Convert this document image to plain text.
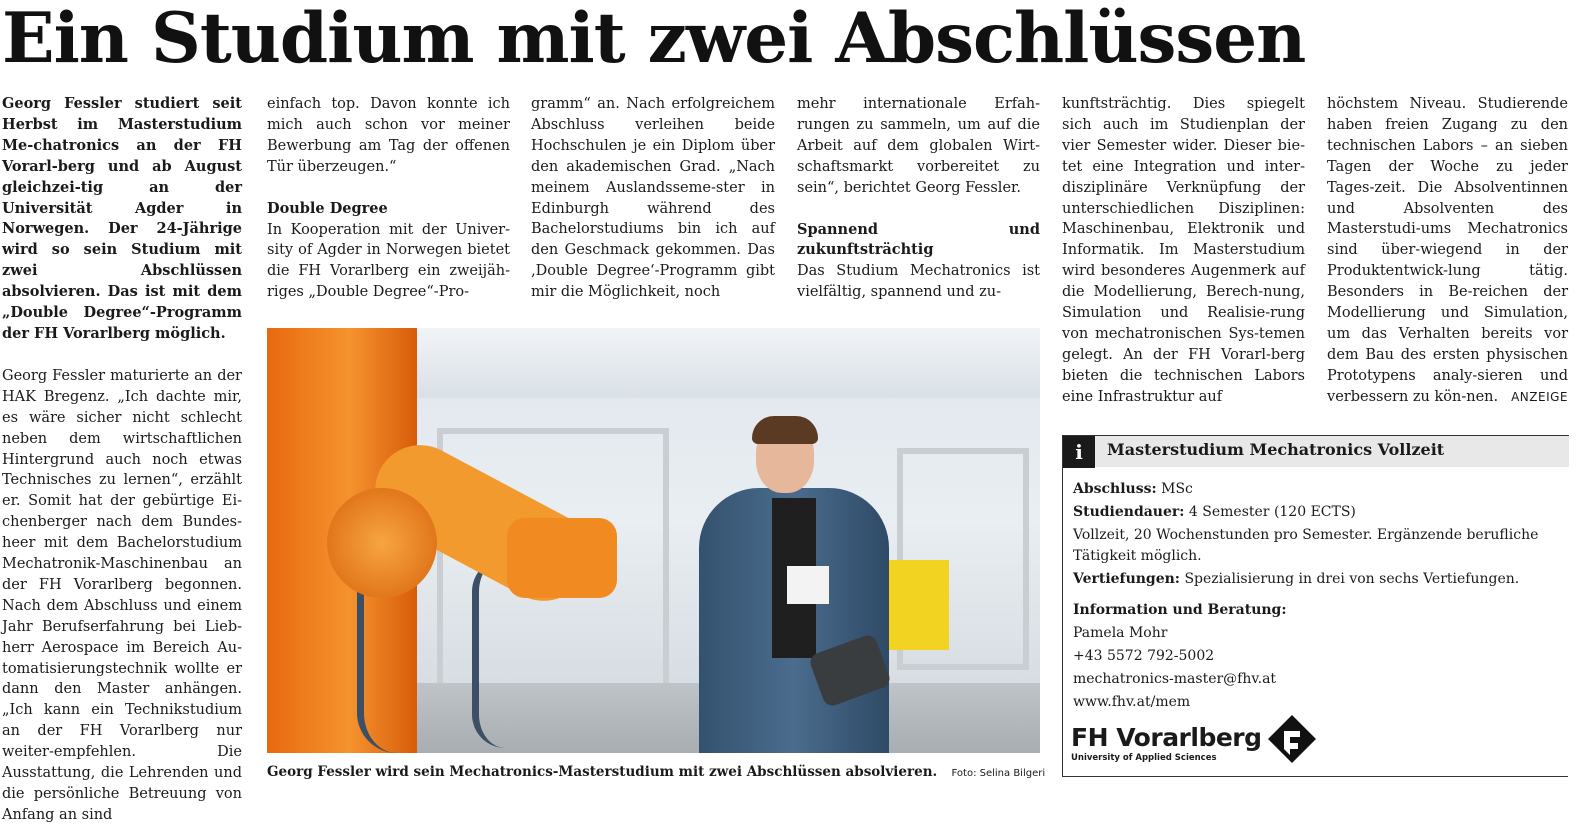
Ein Studium mit zwei Abschlüssen

Georg Fessler studiert seit Herbst im Masterstudium Me-chatronics an der FH Vorarl-berg und ab August gleichzei-tig an der Universität Agder in Norwegen. Der 24-Jährige wird so sein Studium mit zwei Abschlüssen absolvieren. Das ist mit dem „Double Degree“-Programm der FH Vorarlberg möglich.

Georg Fessler maturierte an der HAK Bregenz. „Ich dachte mir, es wäre sicher nicht schlecht neben dem wirtschaftlichen Hintergrund auch noch etwas Technisches zu lernen“, erzählt er. Somit hat der gebürtige Ei-chenberger nach dem Bundes-heer mit dem Bachelorstudium Mechatronik-Maschinenbau an der FH Vorarlberg begonnen. Nach dem Abschluss und einem Jahr Berufserfahrung bei Lieb-herr Aerospace im Bereich Au-tomatisierungstechnik wollte er dann den Master anhängen. „Ich kann ein Technikstudium an der FH Vorarlberg nur weiter-empfehlen. Die Ausstattung, die Lehrenden und die persönliche Betreuung von Anfang an sind

einfach top. Davon konnte ich mich auch schon vor meiner Bewerbung am Tag der offenen Tür überzeugen.“

Double Degree

In Kooperation mit der Univer-sity of Agder in Norwegen bietet die FH Vorarlberg ein zweijäh-riges „Double Degree“-Pro-

gramm“ an. Nach erfolgreichem Abschluss verleihen beide Hochschulen je ein Diplom über den akademischen Grad. „Nach meinem Auslandsseme-ster in Edinburgh während des Bachelorstudiums bin ich auf den Geschmack gekommen. Das ‚Double Degree‘-Programm gibt mir die Möglichkeit, noch

mehr internationale Erfah-rungen zu sammeln, um auf die Arbeit auf dem globalen Wirt-schaftsmarkt vorbereitet zu sein“, berichtet Georg Fessler.

Spannend und zukunftsträchtig

Das Studium Mechatronics ist vielfältig, spannend und zu-

kunftsträchtig. Dies spiegelt sich auch im Studienplan der vier Semester wider. Dieser bie-tet eine Integration und inter-disziplinäre Verknüpfung der unterschiedlichen Disziplinen: Maschinenbau, Elektronik und Informatik. Im Masterstudium wird besonderes Augenmerk auf die Modellierung, Berech-nung, Simulation und Realisie-rung von mechatronischen Sys-temen gelegt. An der FH Vorarl-berg bieten die technischen Labors eine Infrastruktur auf

höchstem Niveau. Studierende haben freien Zugang zu den technischen Labors – an sieben Tagen der Woche zu jeder Tages-zeit. Die Absolventinnen und Absolventen des Masterstudi-ums Mechatronics sind über-wiegend in der Produktentwick-lung tätig. Besonders in Be-reichen der Modellierung und Simulation, um das Verhalten bereits vor dem Bau des ersten physischen Prototypens analy-sieren und verbessern zu kön-nen. ANZEIGE

Georg Fessler wird sein Mechatronics-Masterstudium mit zwei Abschlüssen absolvieren. Foto: Selina Bilgeri
i	Masterstudium Mechatronics Vollzeit

Abschluss: MSc

Studiendauer: 4 Semester (120 ECTS)

Vollzeit, 20 Wochenstunden pro Semester. Ergänzende berufliche Tätigkeit möglich.

Vertiefungen: Spezialisierung in drei von sechs Vertiefungen.

Information und Beratung:

Pamela Mohr

+43 5572 792-5002

mechatronics-master@fhv.at

www.fhv.at/mem

FH Vorarlberg
University of Applied Sciences
